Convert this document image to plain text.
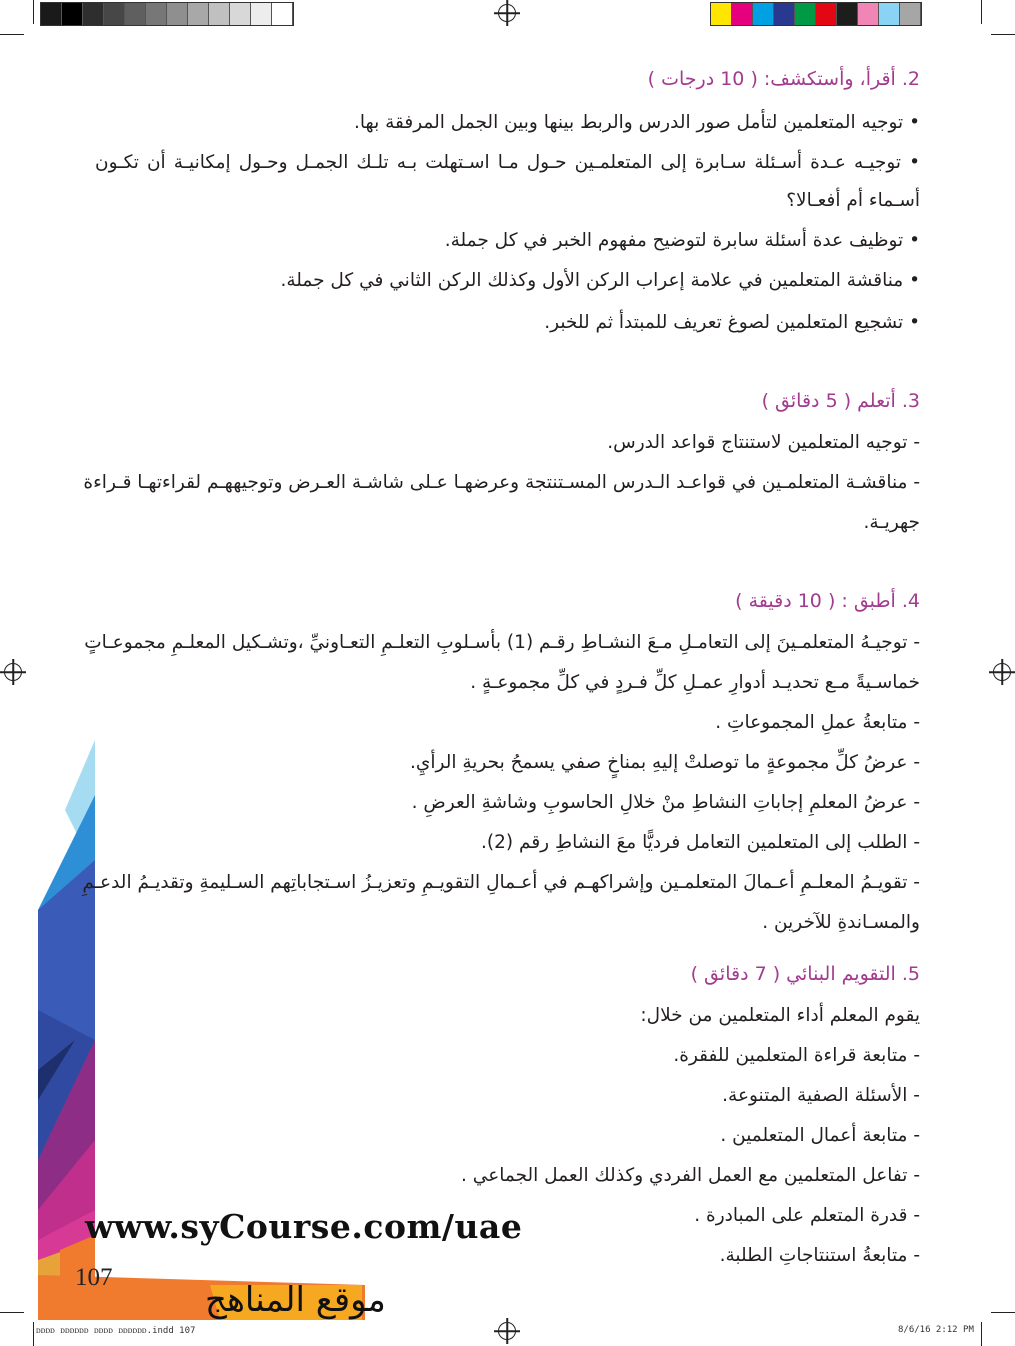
2. أقرأ، وأستكشف: ( 10 درجات )
• توجيه المتعلمين لتأمل صور الدرس والربط بينها وبين الجمل المرفقة بها.
• توجيـه عـدة أسـئلة سـابرة إلى المتعلمـين حـول مـا اسـتهلت بـه تلـك الجمـل وحـول إمكانيـة أن تكـون
أسـماء أم أفعـالا؟
• توظيف عدة أسئلة سابرة لتوضيح مفهوم الخبر في كل جملة.
• مناقشة المتعلمين في علامة إعراب الركن الأول وكذلك الركن الثاني في كل جملة.
• تشجيع المتعلمين لصوغ تعريف للمبتدأ ثم للخبر.
3. أتعلم ( 5 دقائق )
- توجيه المتعلمين لاستنتاج قواعد الدرس.
- مناقشـة المتعلمـين في قواعـد الـدرس المسـتنتجة وعرضهـا عـلى شاشـة العـرض وتوجيههـم لقراءتهـا قـراءة
جهريـة.
4. أطبق : ( 10 دقيقة )
- توجيـهُ المتعلمـينَ إلى التعامـلِ مـعَ النشـاطِ رقـم (1) بأسـلوبِ التعلـمِ التعـاونيِّ ،وتشـكيل المعلـمِ مجموعـاتٍ
خماسـيةً مـع تحديـد أدوارِ عمـلِ كلِّ فـردٍ في كلِّ مجموعـةٍ .
- متابعةُ عملِ المجموعاتِ .
- عرضُ كلِّ مجموعةٍ ما توصلتْ إليهِ بمناخٍ صفي يسمحُ بحريةِ الرأيِ.
- عرضُ المعلمِ إجاباتِ النشاطِ منْ خلالِ الحاسوبِ وشاشةِ العرضِ .
- الطلب إلى المتعلمين التعامل فرديًّا معَ النشاطِ رقم (2).
- تقويـمُ المعلـمِ أعـمالَ المتعلمـين وإشراكهـم في أعـمالِ التقويـمِ وتعزيـزُ اسـتجاباتِهم السـليمةِ وتقديـمُ الدعـمِ
والمسـاندةِ للآخرين .
5. التقويم البنائي ( 7 دقائق )
يقوم المعلم أداء المتعلمين من خلال:
- متابعة قراءة المتعلمين للفقرة.
- الأسئلة الصفية المتنوعة.
- متابعة أعمال المتعلمين .
- تفاعل المتعلمين مع العمل الفردي وكذلك العمل الجماعي .
- قدرة المتعلم على المبادرة .
- متابعةُ استنتاجاتِ الطلبة.
www.syCourse.com/uae
107
موقع المناهج
ᴅᴅᴅᴅ ᴅᴅᴅᴅᴅᴅ ᴅᴅᴅᴅ ᴅᴅᴅᴅᴅᴅ.indd 107	8/6/16 2:12 PM
